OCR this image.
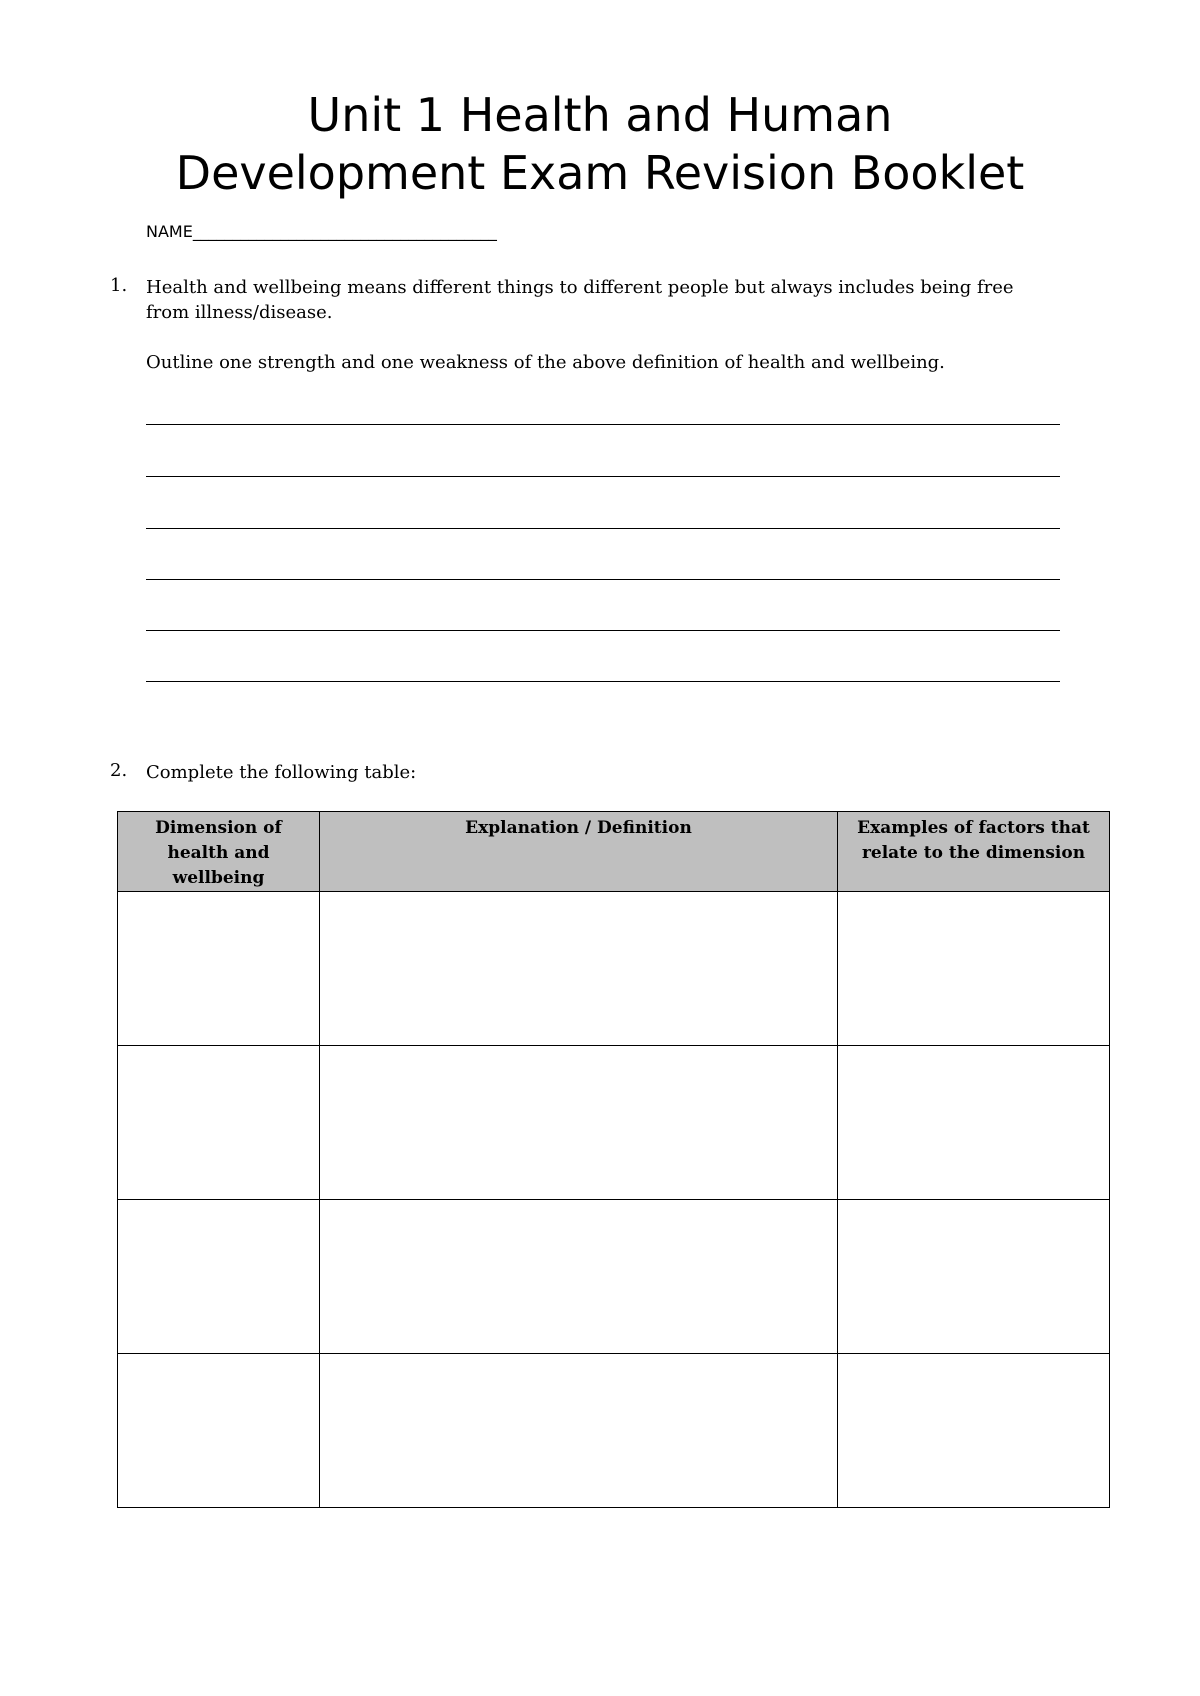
Unit 1 Health and Human
Development Exam Revision Booklet
NAME______________________________________
1. Health and wellbeing means different things to different people but always includes being free from illness/disease.
Outline one strength and one weakness of the above definition of health and wellbeing.
2. Complete the following table:
Dimension of health and wellbeing	Explanation / Definition	Examples of factors that relate to the dimension
